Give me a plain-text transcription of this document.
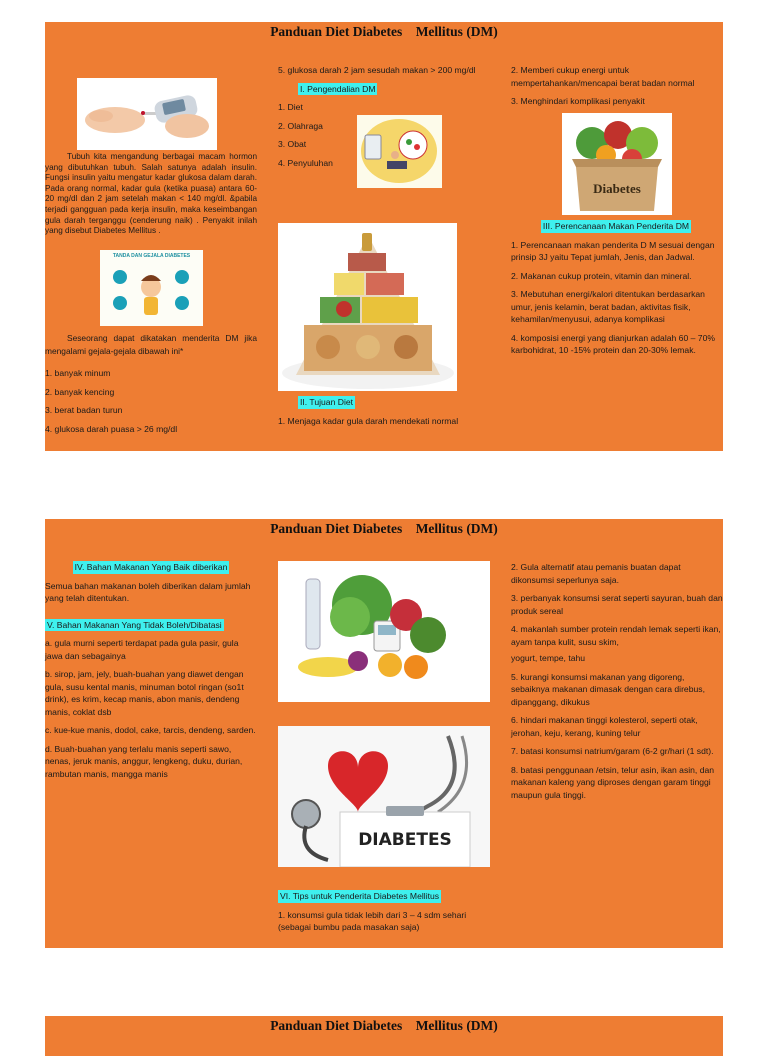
Panduan Diet Diabetes    Mellitus (DM)
Tubuh kita mengandung berbagai macam hormon yang dibutuhkan tubuh. Salah satunya adalah insulin. Fungsi insulin yaitu mengatur kadar glukosa dalam darah. Pada orang normal, kadar gula (ketika puasa) antara 60-20 mg/dl dan 2 jam setelah makan < 140 mg/dl. &pabila terjadi gangguan pada kerja insulin, maka keseimbangan gula darah terganggu (cenderung naik) . Penyakit inilah yang disebut Diabetes Mellitus .
TANDA DAN GEJALA DIABETES
Seseorang dapat dikatakan menderita DM jika mengalami gejala-gejala dibawah ini*
1. banyak minum
2. banyak kencing
3. berat badan turun
4. glukosa darah puasa > 26 mg/dl
5. glukosa darah 2 jam sesudah makan > 200 mg/dl
I. Pengendalian DM
1. Diet
2. Olahraga
3. Obat
4. Penyuluhan
II. Tujuan Diet
1. Menjaga kadar gula darah mendekati normal
2. Memberi cukup energi untuk mempertahankan/mencapai berat badan normal
3. Menghindari komplikasi penyakit
Diabetes
III. Perencanaan Makan Penderita DM
1. Perencanaan makan penderita D M sesuai dengan prinsip 3J yaitu Tepat jumlah, Jenis, dan Jadwal.
2. Makanan cukup protein, vitamin dan mineral.
3. Mebutuhan energi/kalori ditentukan berdasarkan umur, jenis kelamin, berat badan, aktivitas fisik, kehamilan/menyusui, adanya komplikasi
4. komposisi energi yang dianjurkan adalah 60 – 70% karbohidrat, 10 -15% protein dan 20-30% lemak.
Panduan Diet Diabetes    Mellitus (DM)
IV. Bahan Makanan Yang Baik diberikan
Semua bahan makanan boleh diberikan dalam jumlah yang telah ditentukan.
V. Bahan Makanan Yang Tidak Boleh/Dibatasi
a. gula murni seperti terdapat pada gula pasir, gula jawa dan sebagainya
b. sirop, jam, jely, buah-buahan yang diawet dengan gula, susu kental manis, minuman botol ringan (so1t drink), es krim, kecap manis, abon manis, dendeng manis, coklat dsb
c. kue-kue manis, dodol, cake, tarcis, dendeng, sarden.
d. Buah-buahan yang terlalu manis seperti sawo, nenas, jeruk manis, anggur, lengkeng, duku, durian, rambutan manis, mangga manis
DIABETES
VI. Tips untuk Penderita Diabetes Mellitus
1. konsumsi gula tidak lebih dari 3 – 4 sdm sehari (sebagai bumbu pada masakan saja)
2. Gula alternatif atau pemanis buatan dapat dikonsumsi seperlunya saja.
3. perbanyak konsumsi serat seperti sayuran, buah dan produk sereal
4. makanlah sumber protein rendah lemak seperti ikan, ayam tanpa kulit, susu skim,
yogurt, tempe, tahu
5. kurangi konsumsi makanan yang digoreng, sebaiknya makanan dimasak dengan cara direbus, dipanggang, dikukus
6. hindari makanan tinggi kolesterol, seperti otak, jerohan, keju, kerang, kuning telur
7. batasi konsumsi natrium/garam (6-2 gr/hari (1 sdt).
8. batasi penggunaan /etsin, telur asin, ikan asin, dan makanan kaleng yang diproses dengan garam tinggi maupun gula tinggi.
Panduan Diet Diabetes    Mellitus (DM)
